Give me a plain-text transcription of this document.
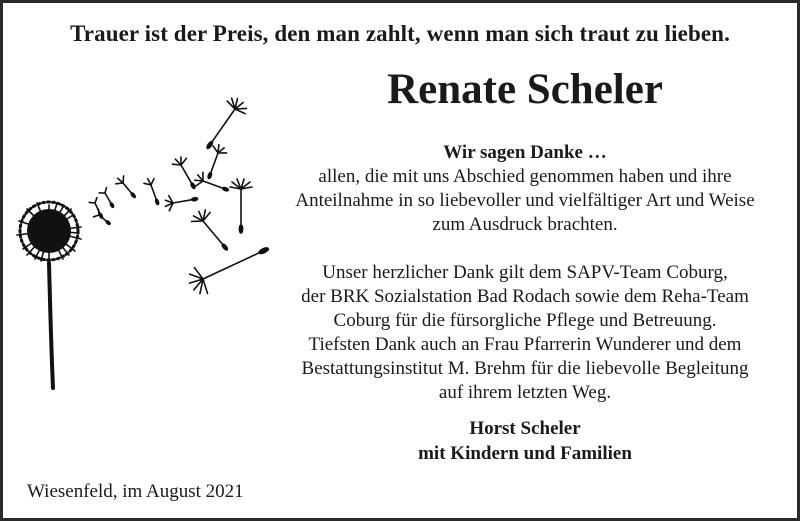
Trauer ist der Preis, den man zahlt, wenn man sich traut zu lieben.
Renate Scheler

Wir sagen Danke …

allen, die mit uns Abschied genommen haben und ihre

Anteilnahme in so liebevoller und vielfältiger Art und Weise

zum Ausdruck brachten.

Unser herzlicher Dank gilt dem SAPV-Team Coburg,

der BRK Sozialstation Bad Rodach sowie dem Reha-Team

Coburg für die fürsorgliche Pflege und Betreuung.

Tiefsten Dank auch an Frau Pfarrerin Wunderer und dem

Bestattungsinstitut M. Brehm für die liebevolle Begleitung

auf ihrem letzten Weg.

Horst Scheler

mit Kindern und Familien

Wiesenfeld, im August 2021
